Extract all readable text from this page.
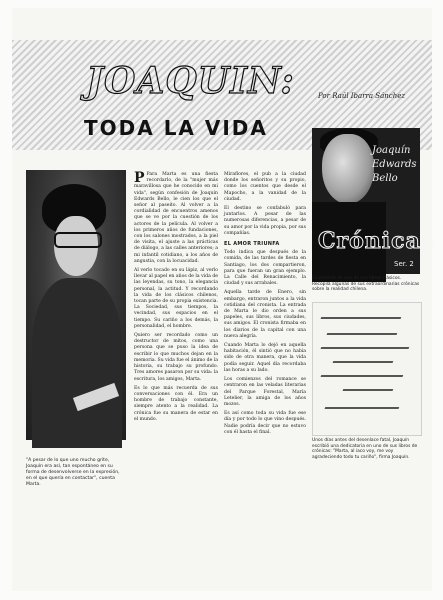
JOAQUIN:
TODA LA VIDA
Por Raúl Ibarra Sánchez
"A pesar de lo que uno mucho grite, Joaquín era así, tan espontáneo en su forma de desenvolverse en la expresión, en el que quería en contactar", cuenta Marta.

P Para Marta es una fiesta recordarlo, de la "mujer más maravillosa que he conocido en mi vida", según confesión de Joaquín Edwards Bello, le cien los que el señor al paseito. Al volver a la cordialidad de encuentros amenos que se ve por la cuestión de los actores de la película. Al volver a los primeros años de fundaciones, con los salones mostrados, a la piel de visita, el ajuste a las prácticas de diálogo, a las calles anteriores; a mi infantil cotidiano, a los años de angustia, con la locuacidad.

Al verlo tocado en su lápiz, al verlo llevar al papel en años de la vida de las leyendas, su tono, la elegancia personal, la actitud. Y recordando la vida de los clásicos chilenos, tocan parte de su propia existencia. La Sociedad, sus tiempos, la vecindad, sus espacios en el tiempo. Su cariño a los demás, la personalidad, el hombre.

Quiero ser recordado como un destructor de mitos, como una persona que se puso la idea de escribir lo que muchos dejan en la memoria. Su vida fue el ánimo de la historia, su trabajo su profundo. Tres amores pasaron por su vida: la escritura, los amigos, Marta.

Es lo que más recuerda de sus conversaciones con él. Era un hombre de trabajo constante, siempre atento a la realidad. La crónica fue su manera de estar en el mundo.

Miraflores, el pub a la ciudad donde los señoritos y su propio, como los cuentos que desde el Mapocho, a la vanidad de la ciudad.

El destino se confabuló para juntarlos. A pesar de las numerosas diferencias, a pesar de su amor por la vida propia, por sus compañías.

EL AMOR TRIUNFA

Todo indica que después de la comida, de las tardes de fiesta en Santiago, los dos compartieron, para que fueran un gran ejemplo. La Calle del Renacimiento, la ciudad y sus arrabales.

Aquella tarde de Enero, sin embargo, entraron juntos a la vida cotidiana del cronista. La entrada de Marta le dio orden a sus papeles, sus libros, sus ciudades, sus amigos. El cronista firmaba en los diarios de la capital con una nueva alegría.

Cuando Marta lo dejó en aquella habitación, él sintió que no había sido de otra manera, que la vida podía seguir. Aquel día recordaba las horas a su lado.

Los comienzos del romance se centraron en las veladas literarias del Parque Forestal, María Letelier, la amiga de los años mozos.

Es así como toda su vida fue ese día y por todo lo que vino después. Nadie podría decir que no estuvo con él hasta el final.

Joaquín
Edwards
Bello
Crónicas
Ser. 2
La portada de uno de sus libros clásicos. Recopila algunas de sus extraordinarias crónicas sobre la realidad chilena.
Unos días antes del desenlace fatal, Joaquín escribió una dedicatoria en uno de sus libros de crónicas: "Marta, al iaco voy, me voy agradeciendo todo tu cariño", firma Joaquín.
